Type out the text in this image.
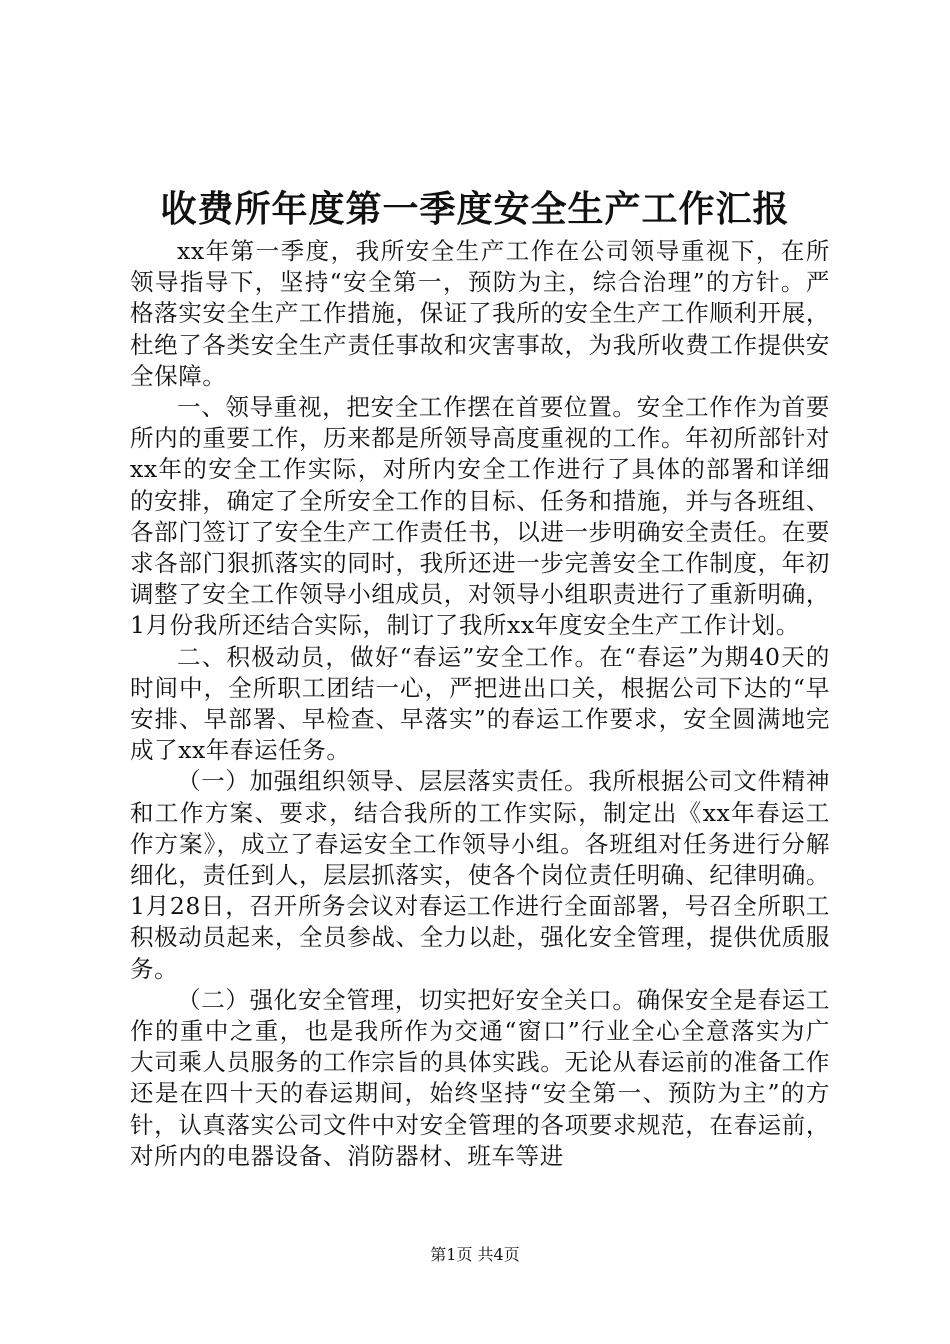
收费所年度第一季度安全生产工作汇报

xx年第一季度，我所安全生产工作在公司领导重视下，在所领导指导下，坚持“安全第一，预防为主，综合治理”的方针。严格落实安全生产工作措施，保证了我所的安全生产工作顺利开展，杜绝了各类安全生产责任事故和灾害事故，为我所收费工作提供安全保障。

一、领导重视，把安全工作摆在首要位置。安全工作作为首要所内的重要工作，历来都是所领导高度重视的工作。年初所部针对xx年的安全工作实际，对所内安全工作进行了具体的部署和详细的安排，确定了全所安全工作的目标、任务和措施，并与各班组、各部门签订了安全生产工作责任书，以进一步明确安全责任。在要求各部门狠抓落实的同时，我所还进一步完善安全工作制度，年初调整了安全工作领导小组成员，对领导小组职责进行了重新明确，1月份我所还结合实际，制订了我所xx年度安全生产工作计划。

二、积极动员，做好“春运”安全工作。在“春运”为期40天的时间中，全所职工团结一心，严把进出口关，根据公司下达的“早安排、早部署、早检查、早落实”的春运工作要求，安全圆满地完成了xx年春运任务。

（一）加强组织领导、层层落实责任。我所根据公司文件精神和工作方案、要求，结合我所的工作实际，制定出《xx年春运工作方案》，成立了春运安全工作领导小组。各班组对任务进行分解细化，责任到人，层层抓落实，使各个岗位责任明确、纪律明确。1月28日，召开所务会议对春运工作进行全面部署，号召全所职工积极动员起来，全员参战、全力以赴，强化安全管理，提供优质服务。

（二）强化安全管理，切实把好安全关口。确保安全是春运工作的重中之重，也是我所作为交通“窗口”行业全心全意落实为广大司乘人员服务的工作宗旨的具体实践。无论从春运前的准备工作还是在四十天的春运期间，始终坚持“安全第一、预防为主”的方针，认真落实公司文件中对安全管理的各项要求规范，在春运前，对所内的电器设备、消防器材、班车等进

第1页 共4页
